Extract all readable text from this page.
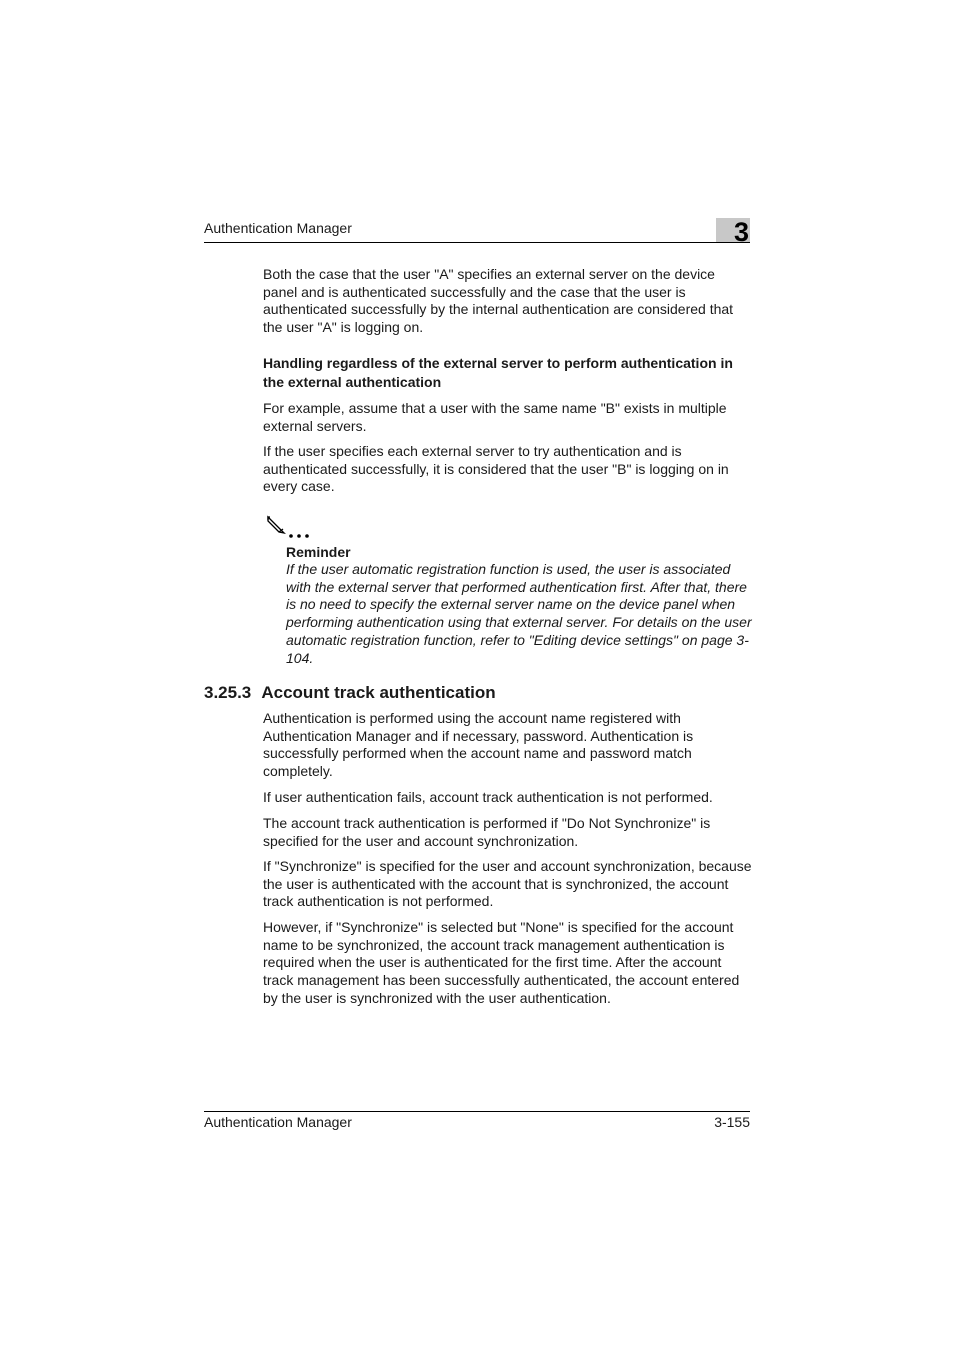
Authentication Manager	3

Both the case that the user "A" specifies an external server on the device panel and is authenticated successfully and the case that the user is authenticated successfully by the internal authentication are considered that the user "A" is logging on.

Handling regardless of the external server to perform authentication in the external authentication

For example, assume that a user with the same name "B" exists in multiple external servers.

If the user specifies each external server to try authentication and is authenticated successfully, it is considered that the user "B" is logging on in every case.

Reminder

If the user automatic registration function is used, the user is associated with the external server that performed authentication first. After that, there is no need to specify the external server name on the device panel when performing authentication using that external server. For details on the user automatic registration function, refer to "Editing device settings" on page 3-104.

3.25.3 Account track authentication

Authentication is performed using the account name registered with Authentication Manager and if necessary, password. Authentication is successfully performed when the account name and password match completely.

If user authentication fails, account track authentication is not performed.

The account track authentication is performed if "Do Not Synchronize" is specified for the user and account synchronization.

If "Synchronize" is specified for the user and account synchronization, because the user is authenticated with the account that is synchronized, the account track authentication is not performed.

However, if "Synchronize" is selected but "None" is specified for the account name to be synchronized, the account track management authentication is required when the user is authenticated for the first time. After the account track management has been successfully authenticated, the account entered by the user is synchronized with the user authentication.

Authentication Manager	3-155
